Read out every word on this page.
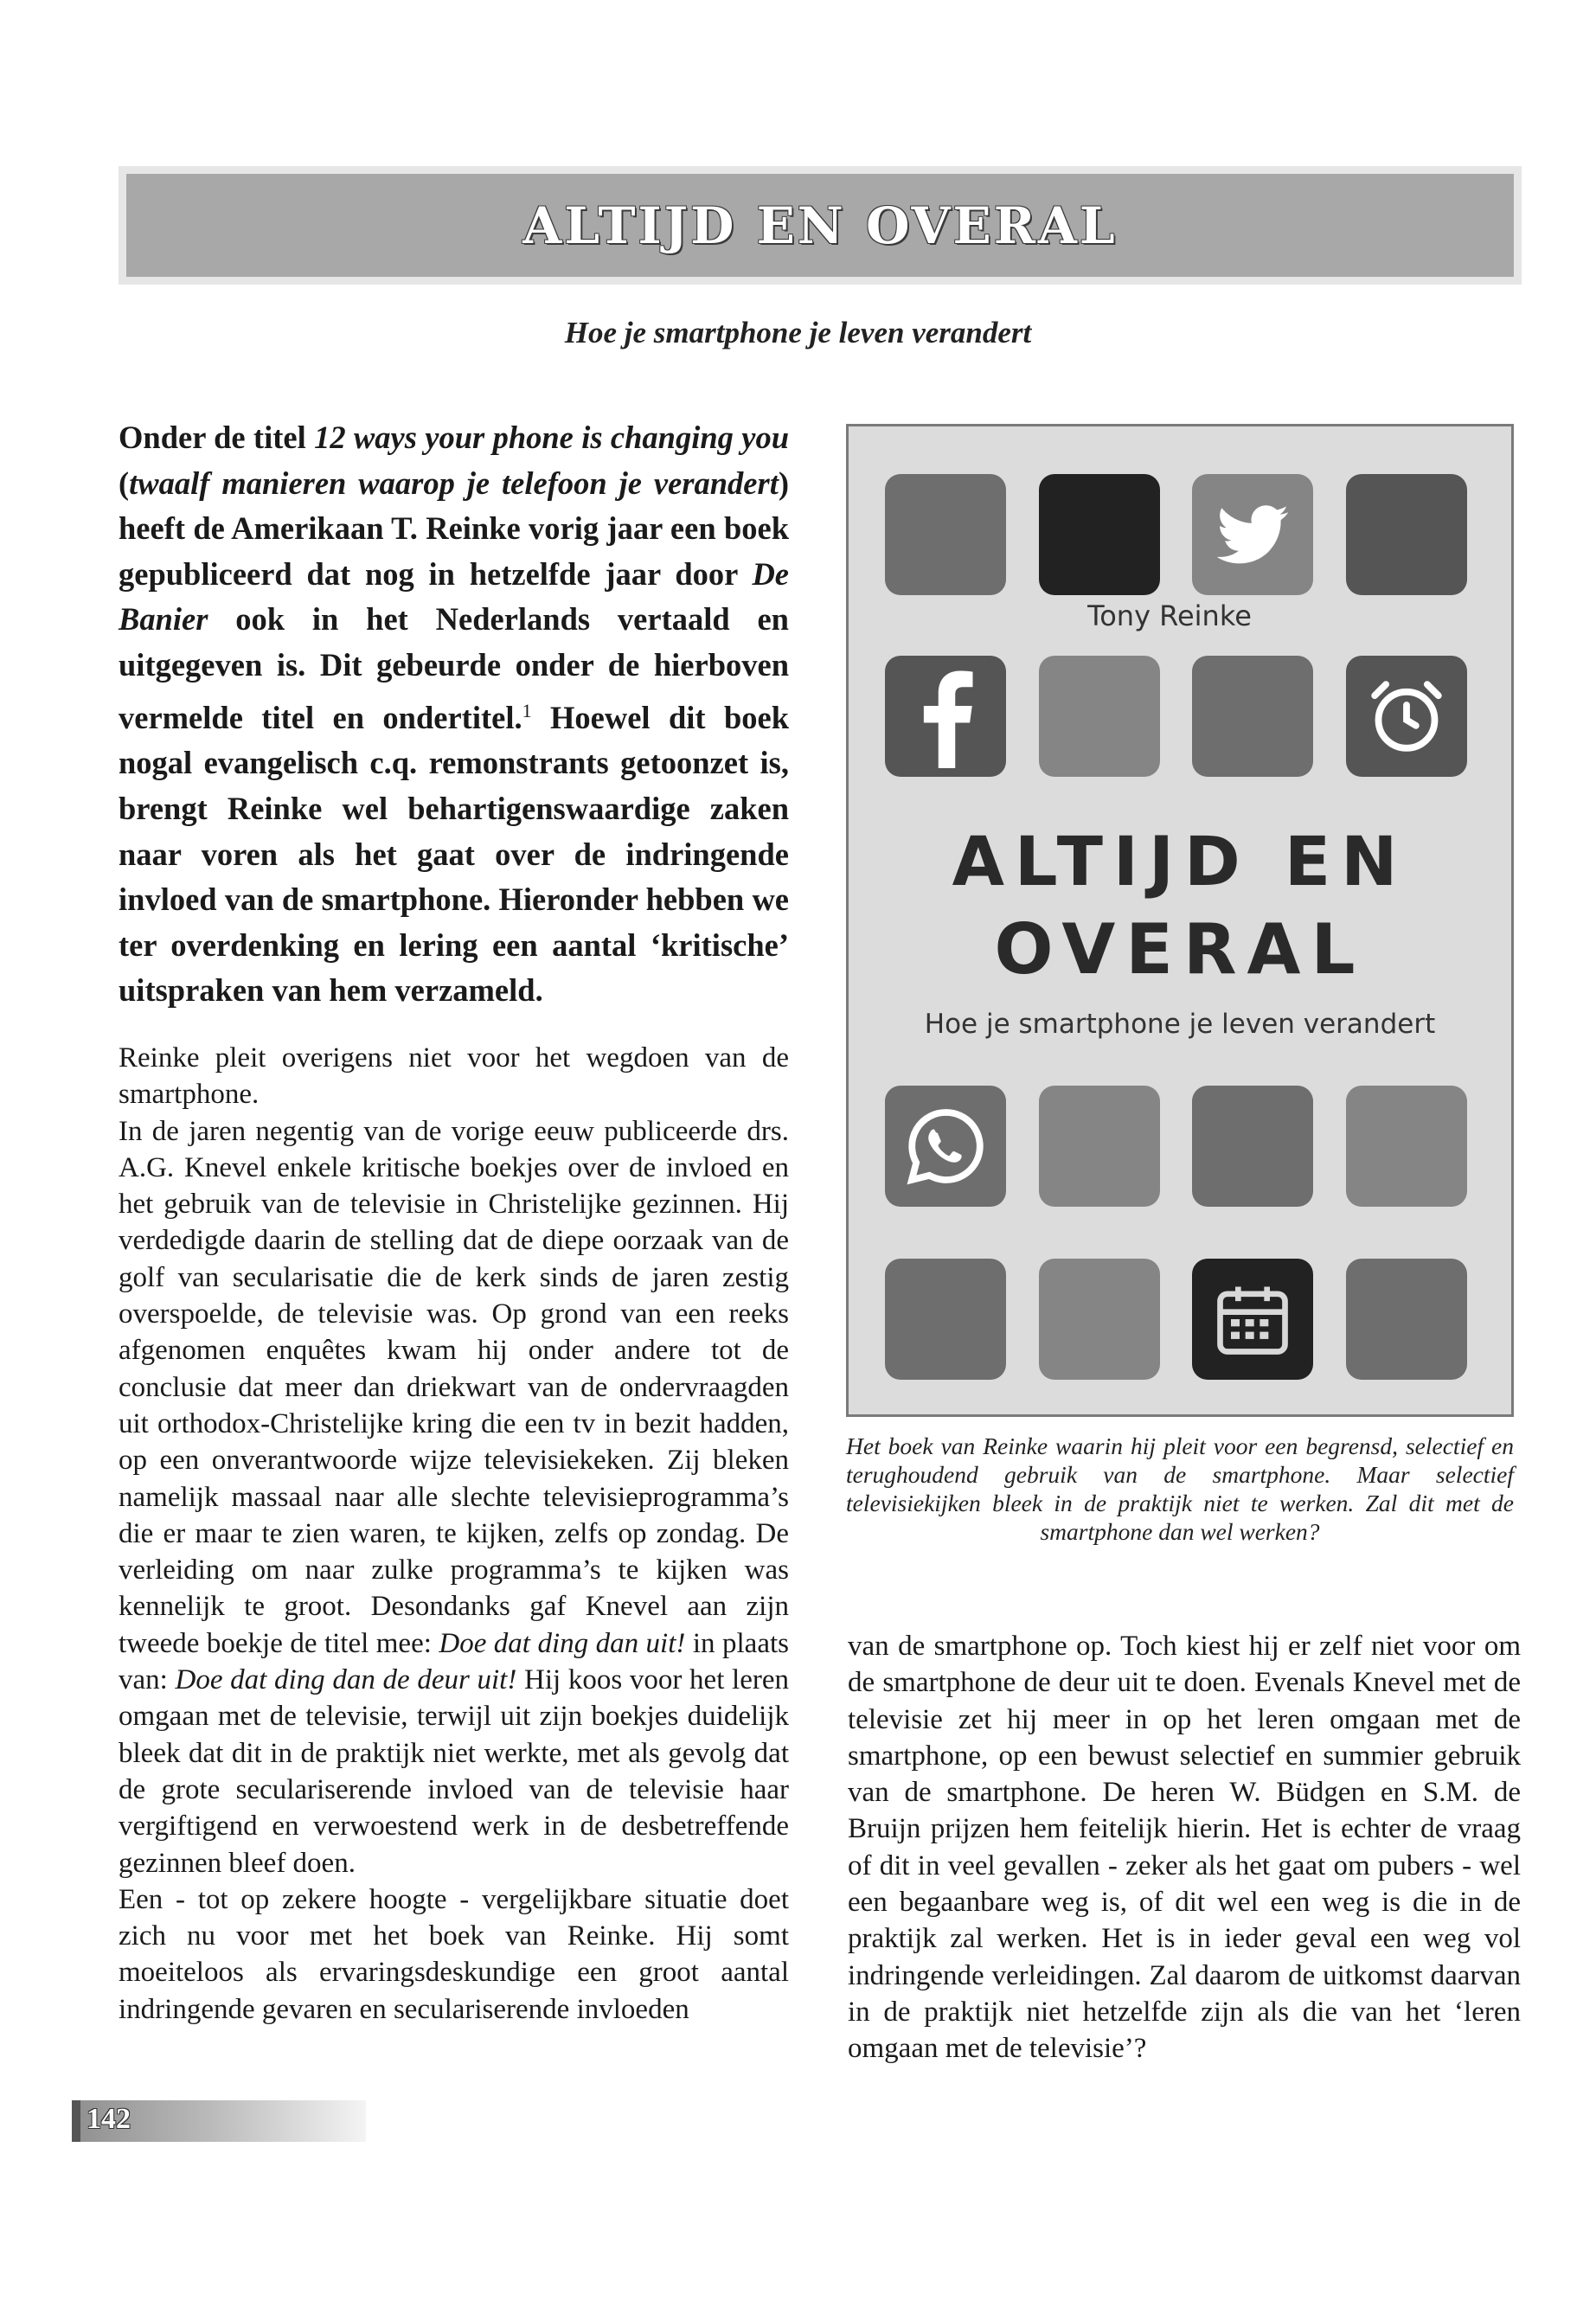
ALTIJD EN OVERAL
Hoe je smartphone je leven verandert

Onder de titel 12 ways your phone is changing you (twaalf manieren waarop je telefoon je verandert) heeft de Amerikaan T. Reinke vorig jaar een boek gepubliceerd dat nog in hetzelfde jaar door De Banier ook in het Nederlands vertaald en uitgegeven is. Dit gebeurde onder de hierboven vermelde titel en ondertitel.$^1$ Hoewel dit boek nogal evangelisch c.q. remonstrants getoonzet is, brengt Reinke wel behartigenswaardige zaken naar voren als het gaat over de indringende invloed van de smartphone. Hieronder hebben we ter overdenking en lering een aantal ‘kritische’ uitspraken van hem verzameld.

Reinke pleit overigens niet voor het wegdoen van de smartphone.

In de jaren negentig van de vorige eeuw publiceerde drs. A.G. Knevel enkele kritische boekjes over de invloed en het gebruik van de televisie in Christelijke gezinnen. Hij verdedigde daarin de stelling dat de diepe oorzaak van de golf van secularisatie die de kerk sinds de jaren zestig overspoelde, de televisie was. Op grond van een reeks afgenomen enquêtes kwam hij onder andere tot de conclusie dat meer dan driekwart van de ondervraagden uit orthodox-Christelijke kring die een tv in bezit hadden, op een onverantwoorde wijze televisiekeken. Zij bleken namelijk massaal naar alle slechte televisieprogramma’s die er maar te zien waren, te kijken, zelfs op zondag. De verleiding om naar zulke programma’s te kijken was kennelijk te groot. Desondanks gaf Knevel aan zijn tweede boekje de titel mee: Doe dat ding dan uit! in plaats van: Doe dat ding dan de deur uit! Hij koos voor het leren omgaan met de televisie, terwijl uit zijn boekjes duidelijk bleek dat dit in de praktijk niet werkte, met als gevolg dat de grote seculariserende invloed van de televisie haar vergiftigend en verwoestend werk in de desbetreffende gezinnen bleef doen.

Een - tot op zekere hoogte - vergelijkbare situatie doet zich nu voor met het boek van Reinke. Hij somt moeiteloos als ervaringsdeskundige een groot aantal indringende gevaren en seculariserende invloeden

Tony Reinke
ALTIJD EN
OVERAL
Hoe je smartphone je leven verandert

Het boek van Reinke waarin hij pleit voor een begrensd, selectief en terughoudend gebruik van de smartphone. Maar selectief televisiekijken bleek in de praktijk niet te werken. Zal dit met de smartphone dan wel werken?

van de smartphone op. Toch kiest hij er zelf niet voor om de smartphone de deur uit te doen. Evenals Knevel met de televisie zet hij meer in op het leren omgaan met de smartphone, op een bewust selectief en summier gebruik van de smartphone. De heren W. Büdgen en S.M. de Bruijn prijzen hem feitelijk hierin. Het is echter de vraag of dit in veel gevallen - zeker als het gaat om pubers - wel een begaanbare weg is, of dit wel een weg is die in de praktijk zal werken. Het is in ieder geval een weg vol indringende verleidingen. Zal daarom de uitkomst daarvan in de praktijk niet hetzelfde zijn als die van het ‘leren omgaan met de televisie’?

142
